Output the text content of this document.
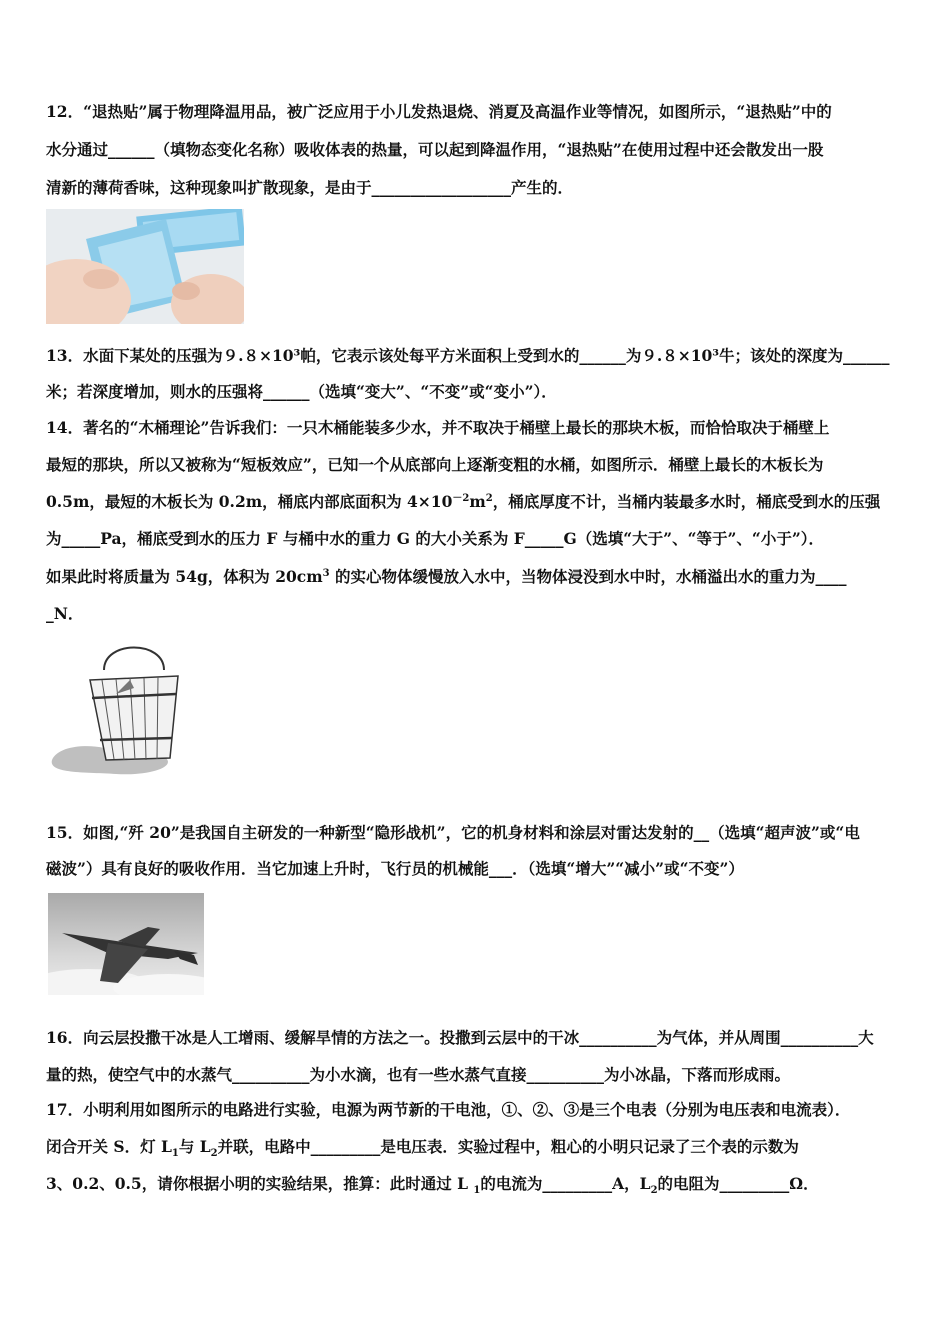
12．“退热贴”属于物理降温用品，被广泛应用于小儿发热退烧、消夏及高温作业等情况，如图所示，“退热贴”中的
水分通过______（填物态变化名称）吸收体表的热量，可以起到降温作用，“退热贴”在使用过程中还会散发出一股
清新的薄荷香味，这种现象叫扩散现象，是由于__________________产生的．
13．水面下某处的压强为９.８×10³帕，它表示该处每平方米面积上受到水的______为９.８×10³牛；该处的深度为______
米；若深度增加，则水的压强将______（选填“变大”、“不变”或“变小”）．
14．著名的“木桶理论”告诉我们：一只木桶能装多少水，并不取决于桶壁上最长的那块木板，而恰恰取决于桶壁上
最短的那块，所以又被称为“短板效应”，已知一个从底部向上逐渐变粗的水桶，如图所示．桶壁上最长的木板长为
0.5m，最短的木板长为 0.2m，桶底内部底面积为 $4\times 10^{-2}m^2$，桶底厚度不计，当桶内装最多水时，桶底受到水的压强
为_____Pa，桶底受到水的压力 F 与桶中水的重力 G 的大小关系为 F_____G（选填“大于”、“等于”、“小于”）．
如果此时将质量为 54g，体积为 $20cm^3$ 的实心物体缓慢放入水中，当物体浸没到水中时，水桶溢出水的重力为____
_N．
15．如图,“歼 20”是我国自主研发的一种新型“隐形战机”，它的机身材料和涂层对雷达发射的__（选填“超声波”或“电
磁波”）具有良好的吸收作用．当它加速上升时，飞行员的机械能___．（选填“增大”“减小”或“不变”）
16．向云层投撒干冰是人工增雨、缓解旱情的方法之一。投撒到云层中的干冰__________为气体，并从周围__________大
量的热，使空气中的水蒸气__________为小水滴，也有一些水蒸气直接__________为小冰晶，下落而形成雨。
17．小明利用如图所示的电路进行实验，电源为两节新的干电池，①、②、③是三个电表（分别为电压表和电流表）．
闭合开关 S．灯 $L_1$与 $L_2$并联，电路中_________是电压表．实验过程中，粗心的小明只记录了三个表的示数为
3、0.2、0.5，请你根据小明的实验结果，推算：此时通过 L $_1$的电流为_________A，$L_2$的电阻为_________Ω．
